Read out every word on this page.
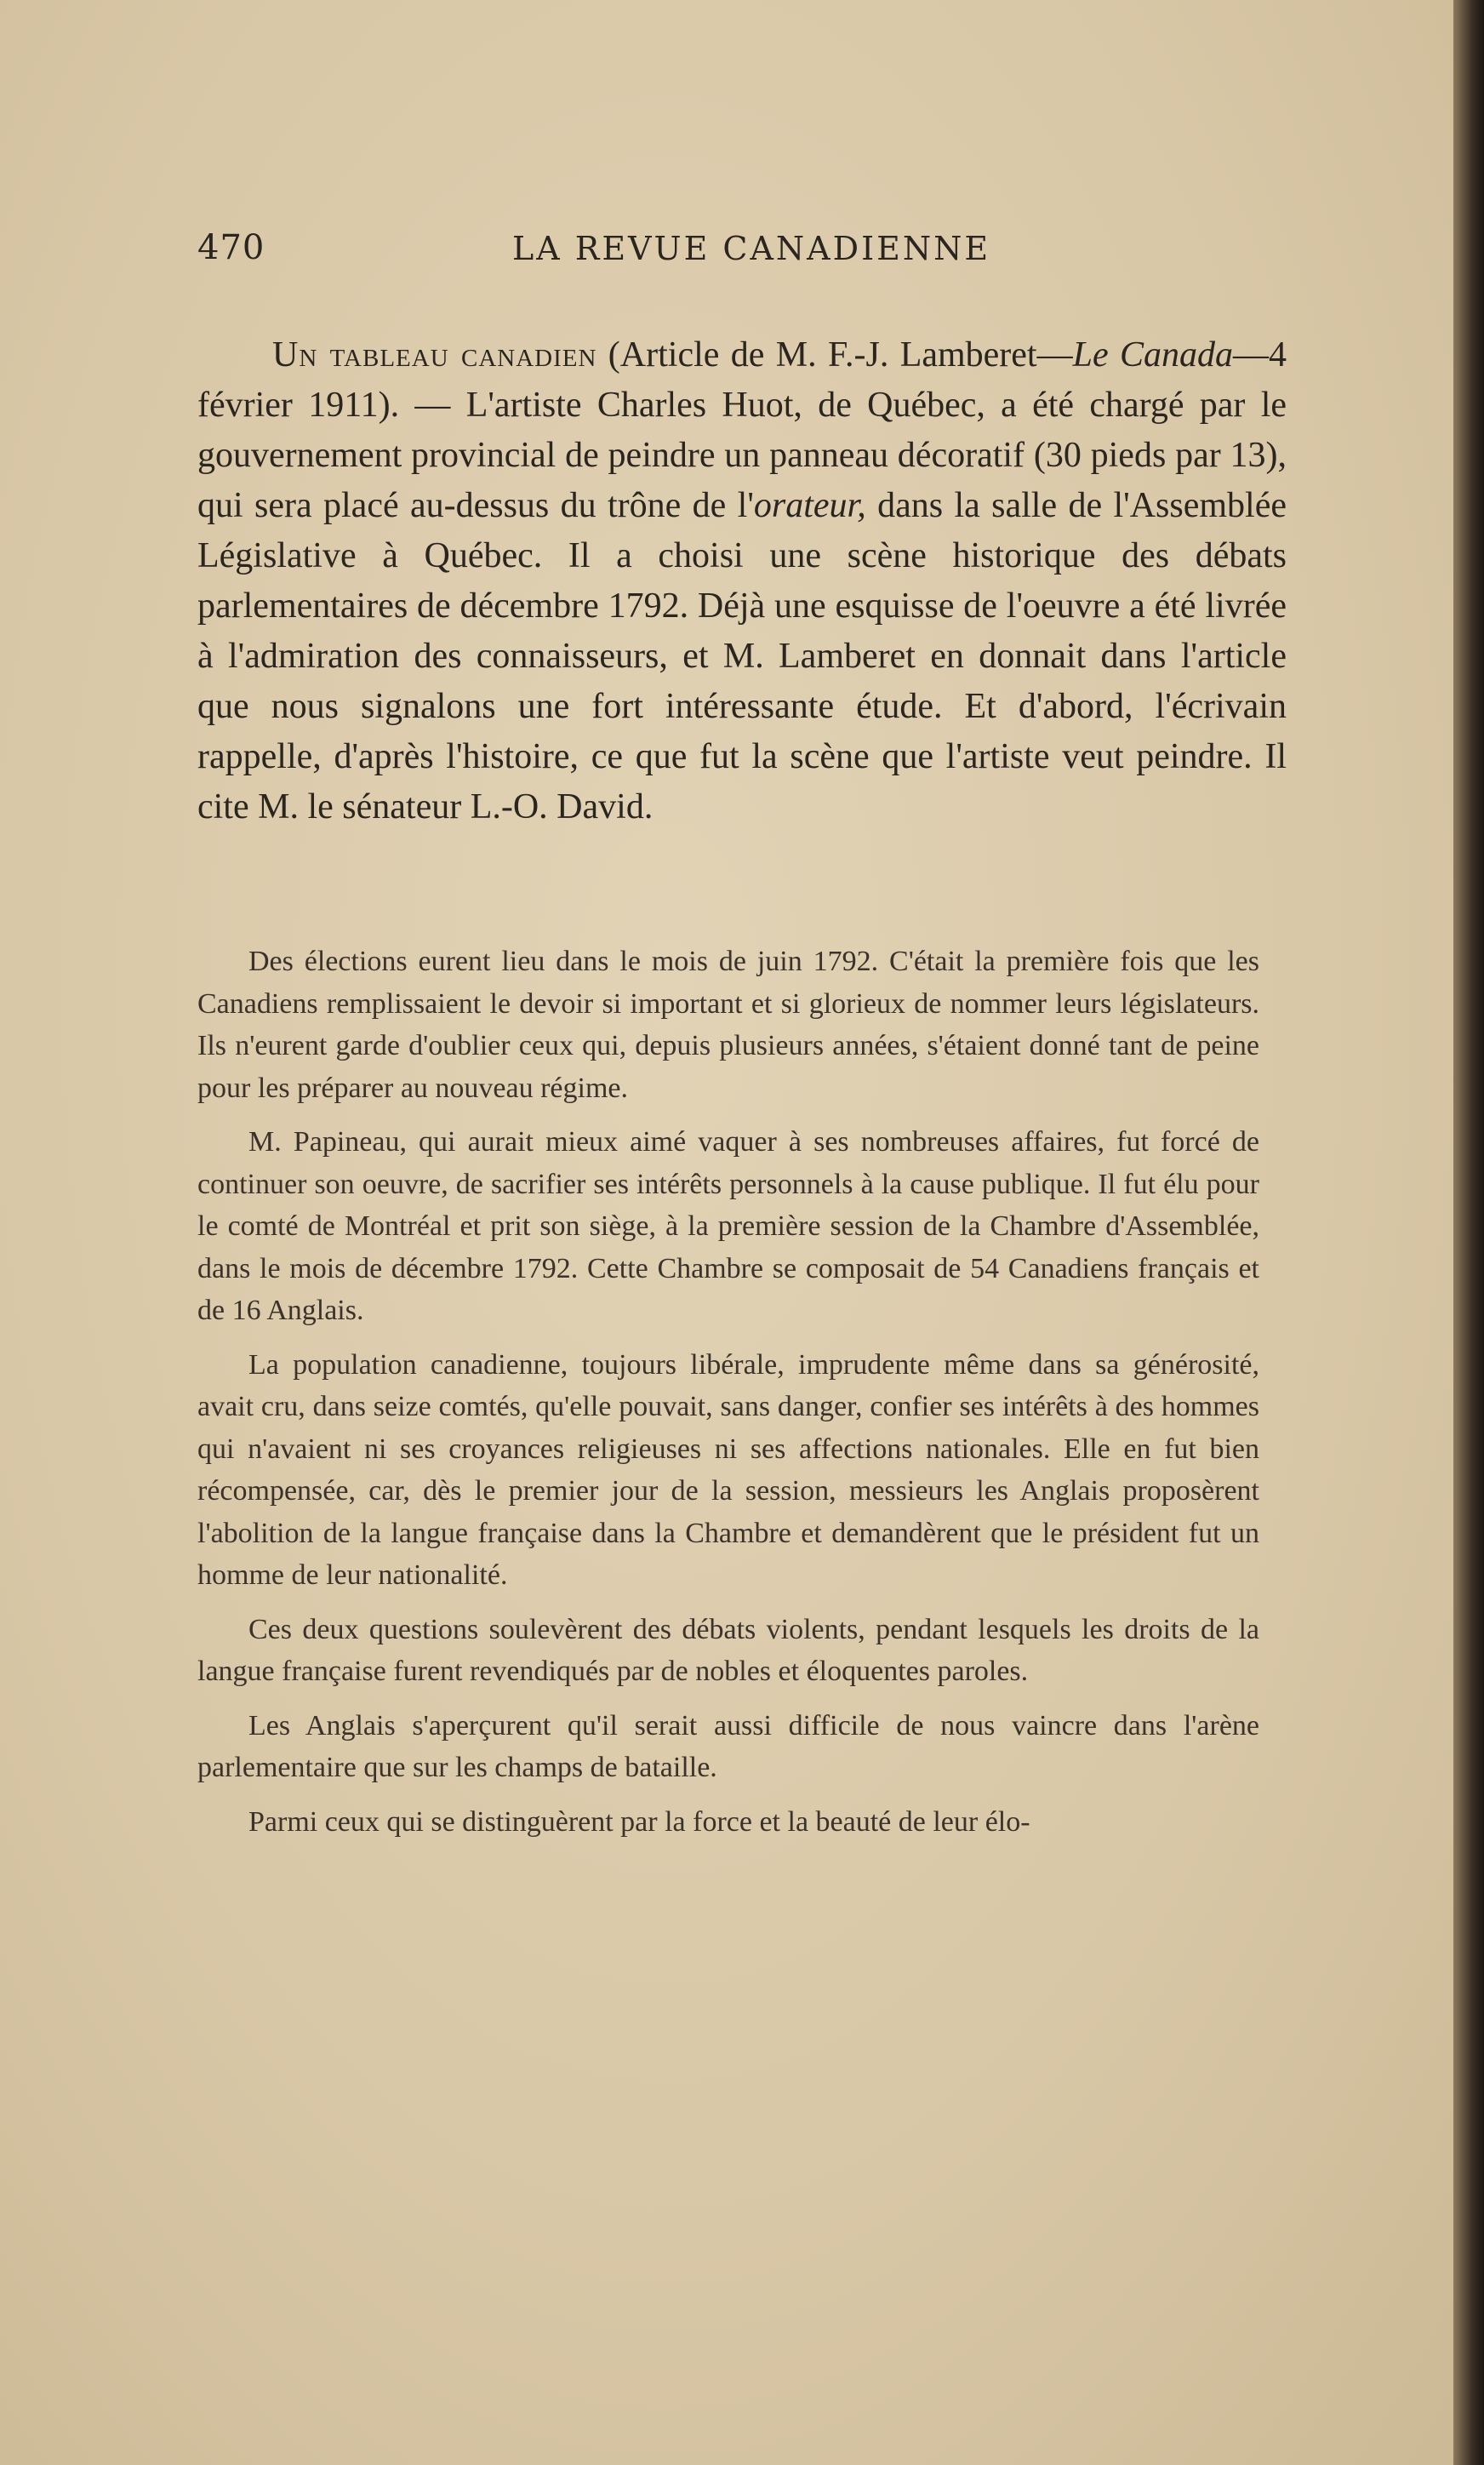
470	LA REVUE CANADIENNE

Un tableau canadien (Article de M. F.-J. Lamberet—Le Canada—4 février 1911). — L'artiste Charles Huot, de Québec, a été chargé par le gouvernement provincial de peindre un panneau décoratif (30 pieds par 13), qui sera placé au-dessus du trône de l'orateur, dans la salle de l'Assemblée Législative à Québec. Il a choisi une scène historique des débats parlementaires de décembre 1792. Déjà une esquisse de l'oeuvre a été livrée à l'admiration des connaisseurs, et M. Lamberet en donnait dans l'article que nous signalons une fort intéressante étude. Et d'abord, l'écrivain rappelle, d'après l'histoire, ce que fut la scène que l'artiste veut peindre. Il cite M. le sénateur L.-O. David.

Des élections eurent lieu dans le mois de juin 1792. C'était la première fois que les Canadiens remplissaient le devoir si important et si glorieux de nommer leurs législateurs. Ils n'eurent garde d'oublier ceux qui, depuis plusieurs années, s'étaient donné tant de peine pour les préparer au nouveau régime.

M. Papineau, qui aurait mieux aimé vaquer à ses nombreuses affaires, fut forcé de continuer son oeuvre, de sacrifier ses intérêts personnels à la cause publique. Il fut élu pour le comté de Montréal et prit son siège, à la première session de la Chambre d'Assemblée, dans le mois de décembre 1792. Cette Chambre se composait de 54 Canadiens français et de 16 Anglais.

La population canadienne, toujours libérale, imprudente même dans sa générosité, avait cru, dans seize comtés, qu'elle pouvait, sans danger, confier ses intérêts à des hommes qui n'avaient ni ses croyances religieuses ni ses affections nationales. Elle en fut bien récompensée, car, dès le premier jour de la session, messieurs les Anglais proposèrent l'abolition de la langue française dans la Chambre et demandèrent que le président fut un homme de leur nationalité.

Ces deux questions soulevèrent des débats violents, pendant lesquels les droits de la langue française furent revendiqués par de nobles et éloquentes paroles.

Les Anglais s'aperçurent qu'il serait aussi difficile de nous vaincre dans l'arène parlementaire que sur les champs de bataille.

Parmi ceux qui se distinguèrent par la force et la beauté de leur élo-
